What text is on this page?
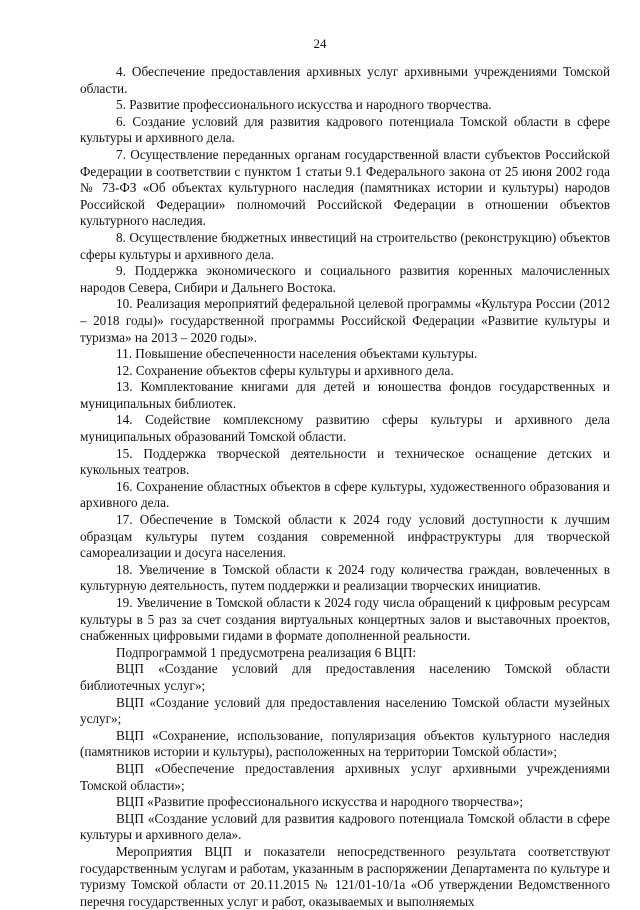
24

4. Обеспечение предоставления архивных услуг архивными учреждениями Томской области.

5. Развитие профессионального искусства и народного творчества.

6. Создание условий для развития кадрового потенциала Томской области в сфере культуры и архивного дела.

7. Осуществление переданных органам государственной власти субъектов Российской Федерации в соответствии с пунктом 1 статьи 9.1 Федерального закона от 25 июня 2002 года № 73-ФЗ «Об объектах культурного наследия (памятниках истории и культуры) народов Российской Федерации» полномочий Российской Федерации в отношении объектов культурного наследия.

8. Осуществление бюджетных инвестиций на строительство (реконструкцию) объектов сферы культуры и архивного дела.

9. Поддержка экономического и социального развития коренных малочисленных народов Севера, Сибири и Дальнего Востока.

10. Реализация мероприятий федеральной целевой программы «Культура России (2012 – 2018 годы)» государственной программы Российской Федерации «Развитие культуры и туризма» на 2013 – 2020 годы».

11. Повышение обеспеченности населения объектами культуры.

12. Сохранение объектов сферы культуры и архивного дела.

13. Комплектование книгами для детей и юношества фондов государственных и муниципальных библиотек.

14. Содействие комплексному развитию сферы культуры и архивного дела муниципальных образований Томской области.

15. Поддержка творческой деятельности и техническое оснащение детских и кукольных театров.

16. Сохранение областных объектов в сфере культуры, художественного образования и архивного дела.

17. Обеспечение в Томской области к 2024 году условий доступности к лучшим образцам культуры путем создания современной инфраструктуры для творческой самореализации и досуга населения.

18. Увеличение в Томской области к 2024 году количества граждан, вовлеченных в культурную деятельность, путем поддержки и реализации творческих инициатив.

19. Увеличение в Томской области к 2024 году числа обращений к цифровым ресурсам культуры в 5 раз за счет создания виртуальных концертных залов и выставочных проектов, снабженных цифровыми гидами в формате дополненной реальности.

Подпрограммой 1 предусмотрена реализация 6 ВЦП:

ВЦП «Создание условий для предоставления населению Томской области библиотечных услуг»;

ВЦП «Создание условий для предоставления населению Томской области музейных услуг»;

ВЦП «Сохранение, использование, популяризация объектов культурного наследия (памятников истории и культуры), расположенных на территории Томской области»;

ВЦП «Обеспечение предоставления архивных услуг архивными учреждениями Томской области»;

ВЦП «Развитие профессионального искусства и народного творчества»;

ВЦП «Создание условий для развития кадрового потенциала Томской области в сфере культуры и архивного дела».

Мероприятия ВЦП и показатели непосредственного результата соответствуют государственным услугам и работам, указанным в распоряжении Департамента по культуре и туризму Томской области от 20.11.2015 № 121/01-10/1а «Об утверждении Ведомственного перечня государственных услуг и работ, оказываемых и выполняемых
